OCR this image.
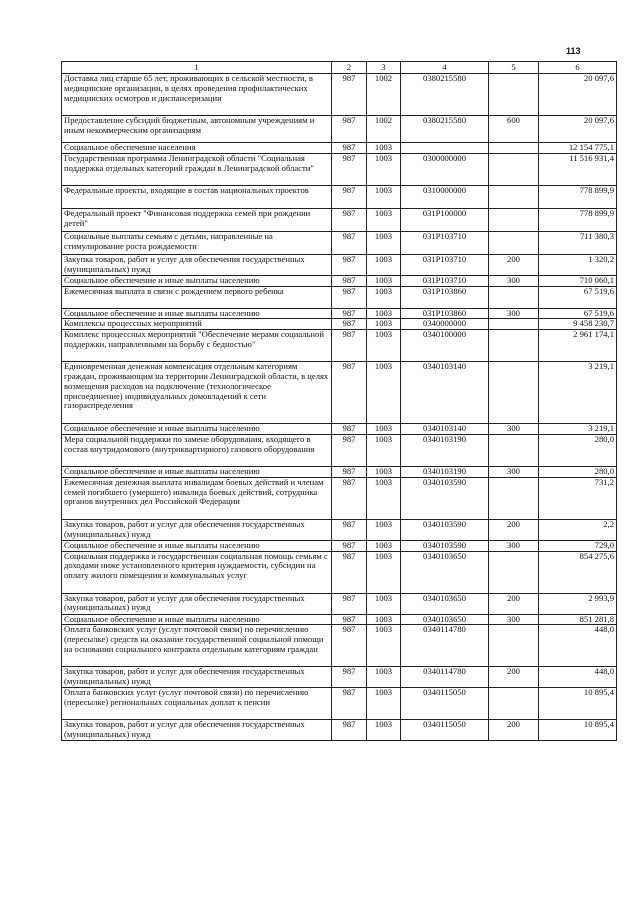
113
1	2	3	4	5	6
Доставка лиц старше 65 лет, проживающих в сельской местности, в медицинские организации, в целях проведения профилактических медицинских осмотров и диспансеризации	987	1002	0380215580		20 097,6
Предоставление субсидий бюджетным, автономным учреждениям и иным некоммерческим организациям	987	1002	0380215580	600	20 097,6
Социальное обеспечение населения	987	1003			12 154 775,1
Государственная программа Ленинградской области "Социальная поддержка отдельных категорий граждан в Ленинградской области"	987	1003	0300000000		11 516 931,4
Федеральные проекты, входящие в состав национальных проектов	987	1003	0310000000		778 899,9
Федеральный проект "Финансовая поддержка семей при рождении детей"	987	1003	031P100000		778 899,9
Социальные выплаты семьям с детьми, направленные на стимулирование роста рождаемости	987	1003	031P103710		711 380,3
Закупка товаров, работ и услуг для обеспечения государственных (муниципальных) нужд	987	1003	031P103710	200	1 320,2
Социальное обеспечение и иные выплаты населению	987	1003	031P103710	300	710 060,1
Ежемесячная выплата в связи с рождением первого ребенка	987	1003	031P103860		67 519,6
Социальное обеспечение и иные выплаты населению	987	1003	031P103860	300	67 519,6
Комплексы процессных мероприятий	987	1003	0340000000		9 458 230,7
Комплекс процессных мероприятий "Обеспечение мерами социальной поддержки, направленными на борьбу с бедностью"	987	1003	0340100000		2 961 174,1
Единовременная денежная компенсация отдельным категориям граждан, проживающим на территории Ленинградской области, в целях возмещения расходов на подключение (технологическое присоединение) индивидуальных домовладений к сети газораспределения	987	1003	0340103140		3 219,1
Социальное обеспечение и иные выплаты населению	987	1003	0340103140	300	3 219,1
Мера социальной поддержки по замене оборудования, входящего в состав внутридомового (внутриквартирного) газового оборудования	987	1003	0340103190		280,0
Социальное обеспечение и иные выплаты населению	987	1003	0340103190	300	280,0
Ежемесячная денежная выплата инвалидам боевых действий и членам семей погибшего (умершего) инвалида боевых действий, сотрудника органов внутренних дел Российской Федерации	987	1003	0340103590		731,2
Закупка товаров, работ и услуг для обеспечения государственных (муниципальных) нужд	987	1003	0340103590	200	2,2
Социальное обеспечение и иные выплаты населению	987	1003	0340103590	300	729,0
Социальная поддержка и государственная социальная помощь семьям с доходами ниже установленного критерия нуждаемости, субсидии на оплату жилого помещения и коммунальных услуг	987	1003	0340103650		854 275,6
Закупка товаров, работ и услуг для обеспечения государственных (муниципальных) нужд	987	1003	0340103650	200	2 993,9
Социальное обеспечение и иные выплаты населению	987	1003	0340103650	300	851 281,8
Оплата банковских услуг (услуг почтовой связи) по перечислению (пересылке) средств на оказание государственной социальной помощи на основании социального контракта отдельным категориям граждан	987	1003	0340114780		448,0
Закупка товаров, работ и услуг для обеспечения государственных (муниципальных) нужд	987	1003	0340114780	200	448,0
Оплата банковских услуг (услуг почтовой связи) по перечислению (пересылке) региональных социальных доплат к пенсии	987	1003	0340115050		10 895,4
Закупка товаров, работ и услуг для обеспечения государственных (муниципальных) нужд	987	1003	0340115050	200	10 895,4
